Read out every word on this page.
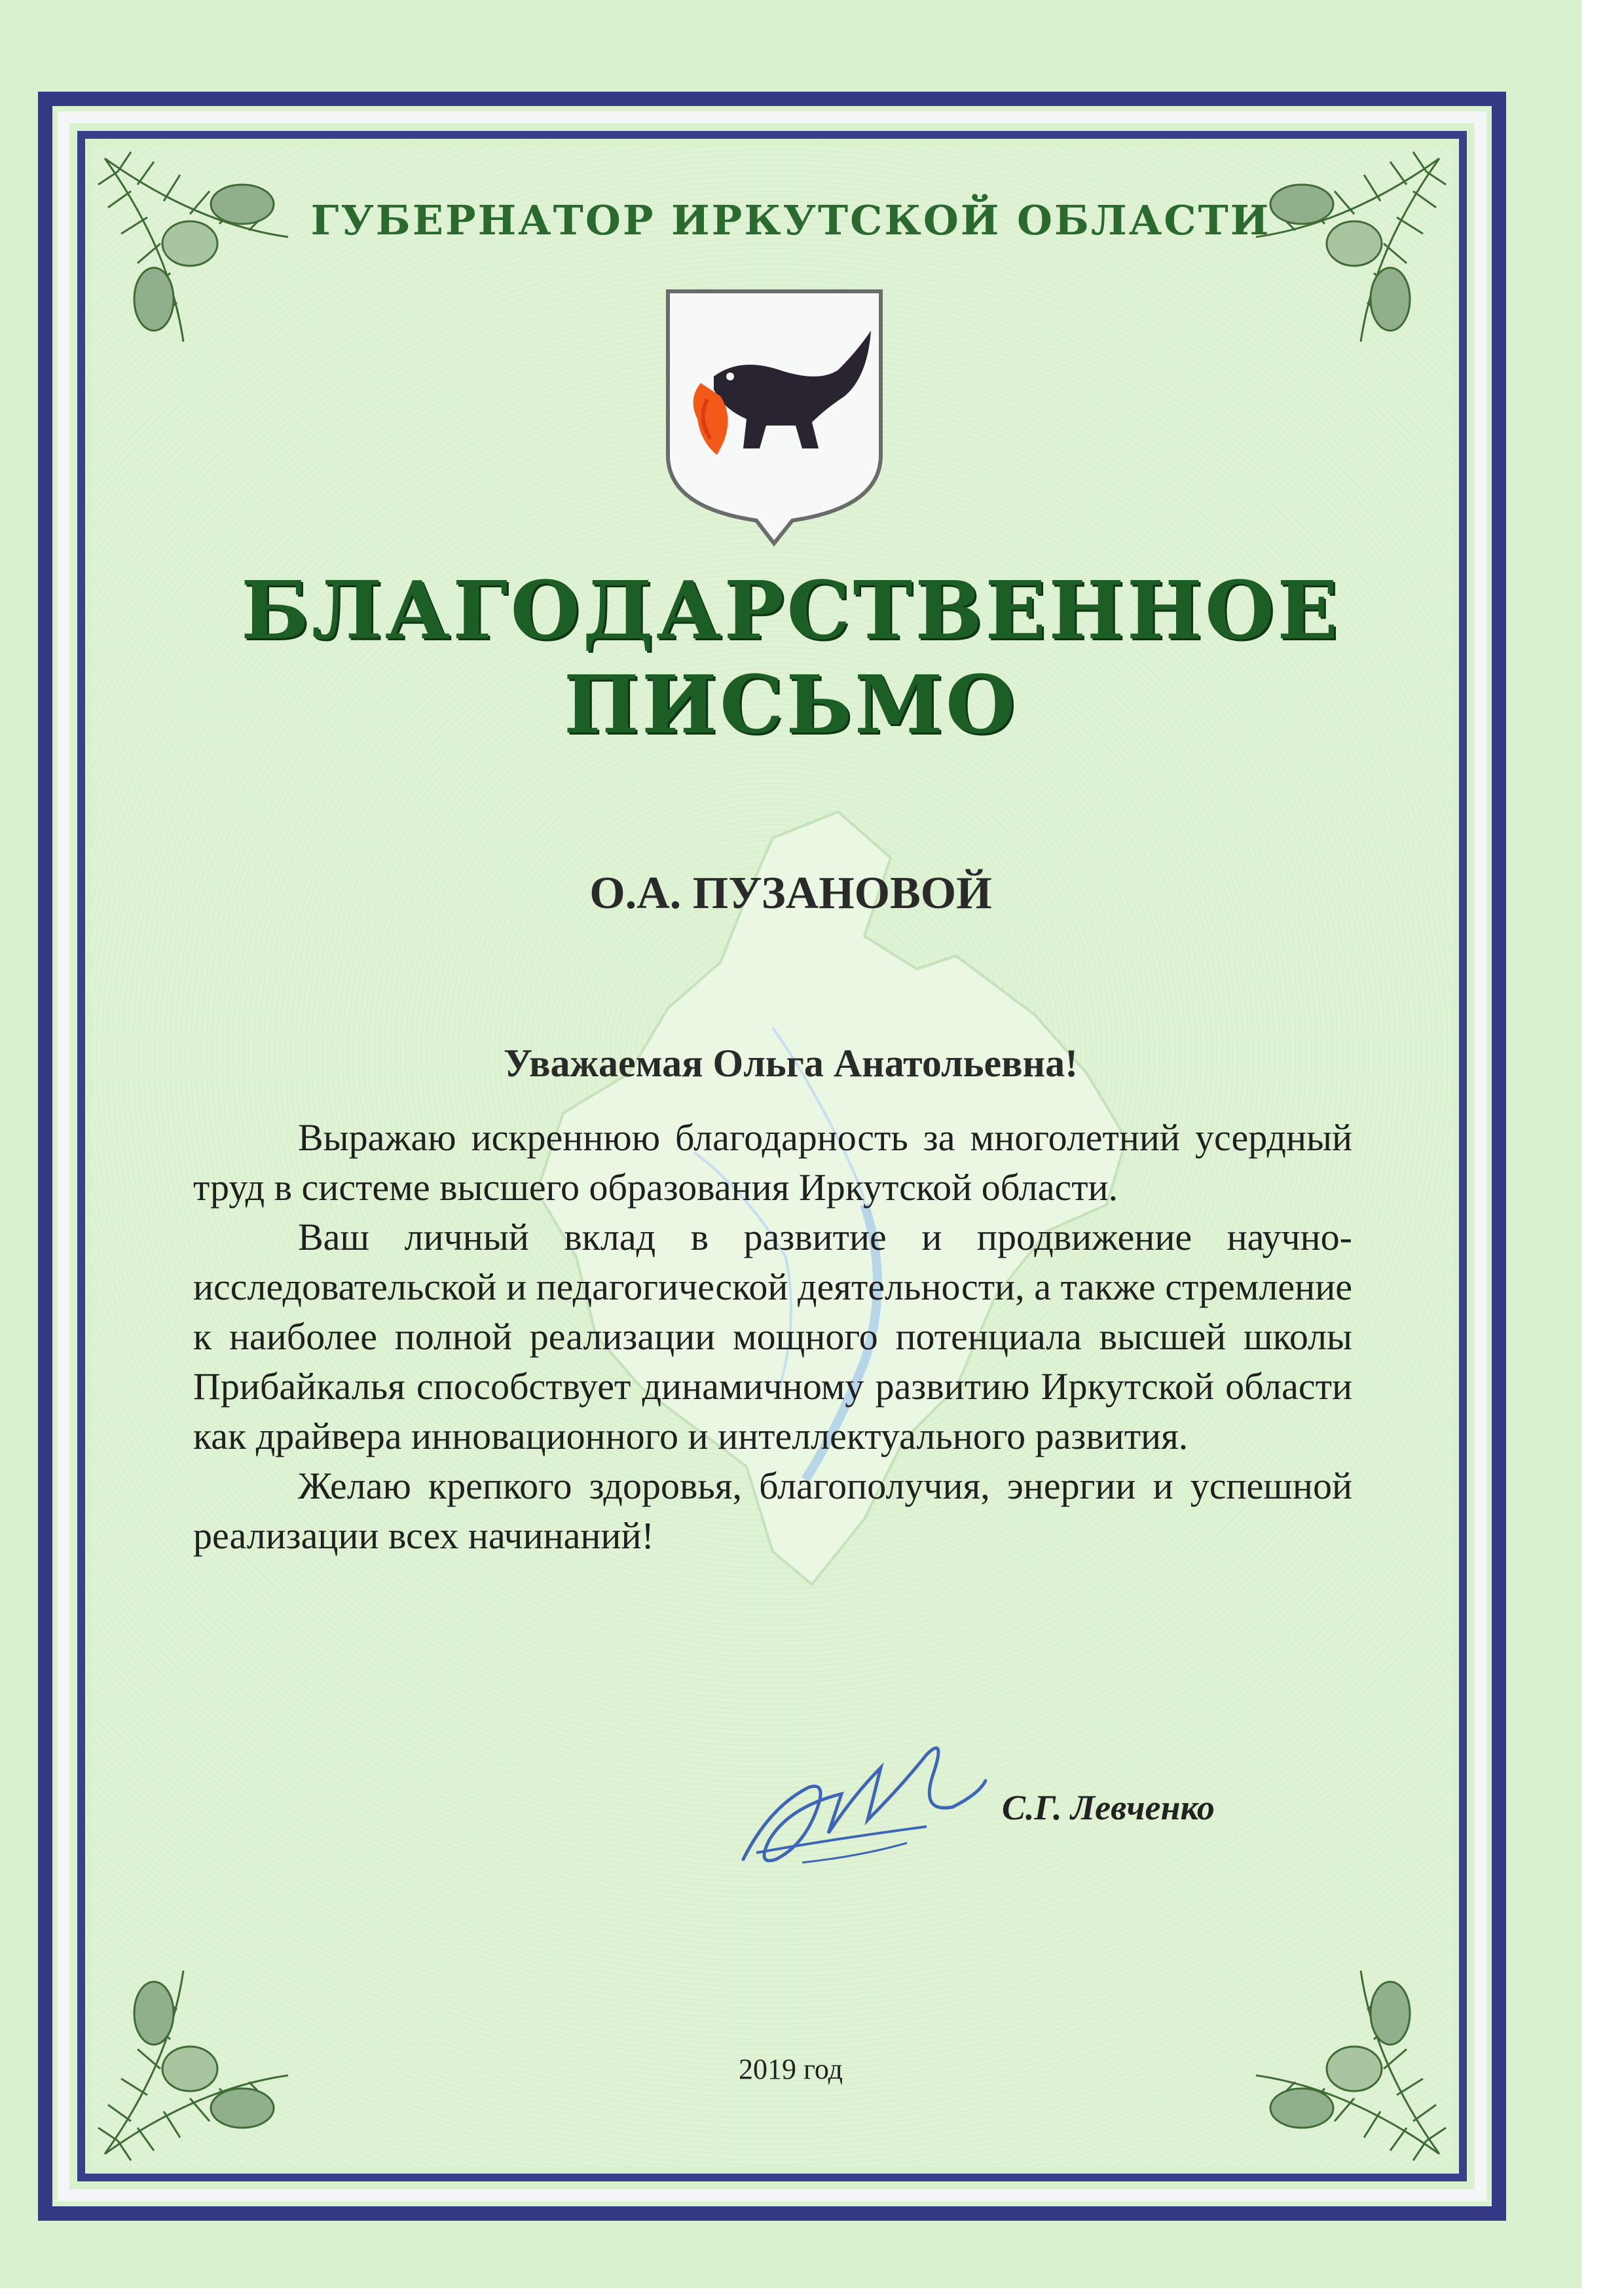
ГУБЕРНАТОР ИРКУТСКОЙ ОБЛАСТИ
БЛАГОДАРСТВЕННОЕ ПИСЬМО
О.А. ПУЗАНОВОЙ
Уважаемая Ольга Анатольевна!

Выражаю искреннюю благодарность за многолетний усердный труд в системе высшего образования Иркутской области.

Ваш личный вклад в развитие и продвижение научно-исследовательской и педагогической деятельности, а также стремление к наиболее полной реализации мощного потенциала высшей школы Прибайкалья способствует динамичному развитию Иркутской области как драйвера инновационного и интеллектуального развития.

Желаю крепкого здоровья, благополучия, энергии и успешной реализации всех начинаний!

С.Г. Левченко
2019 год
